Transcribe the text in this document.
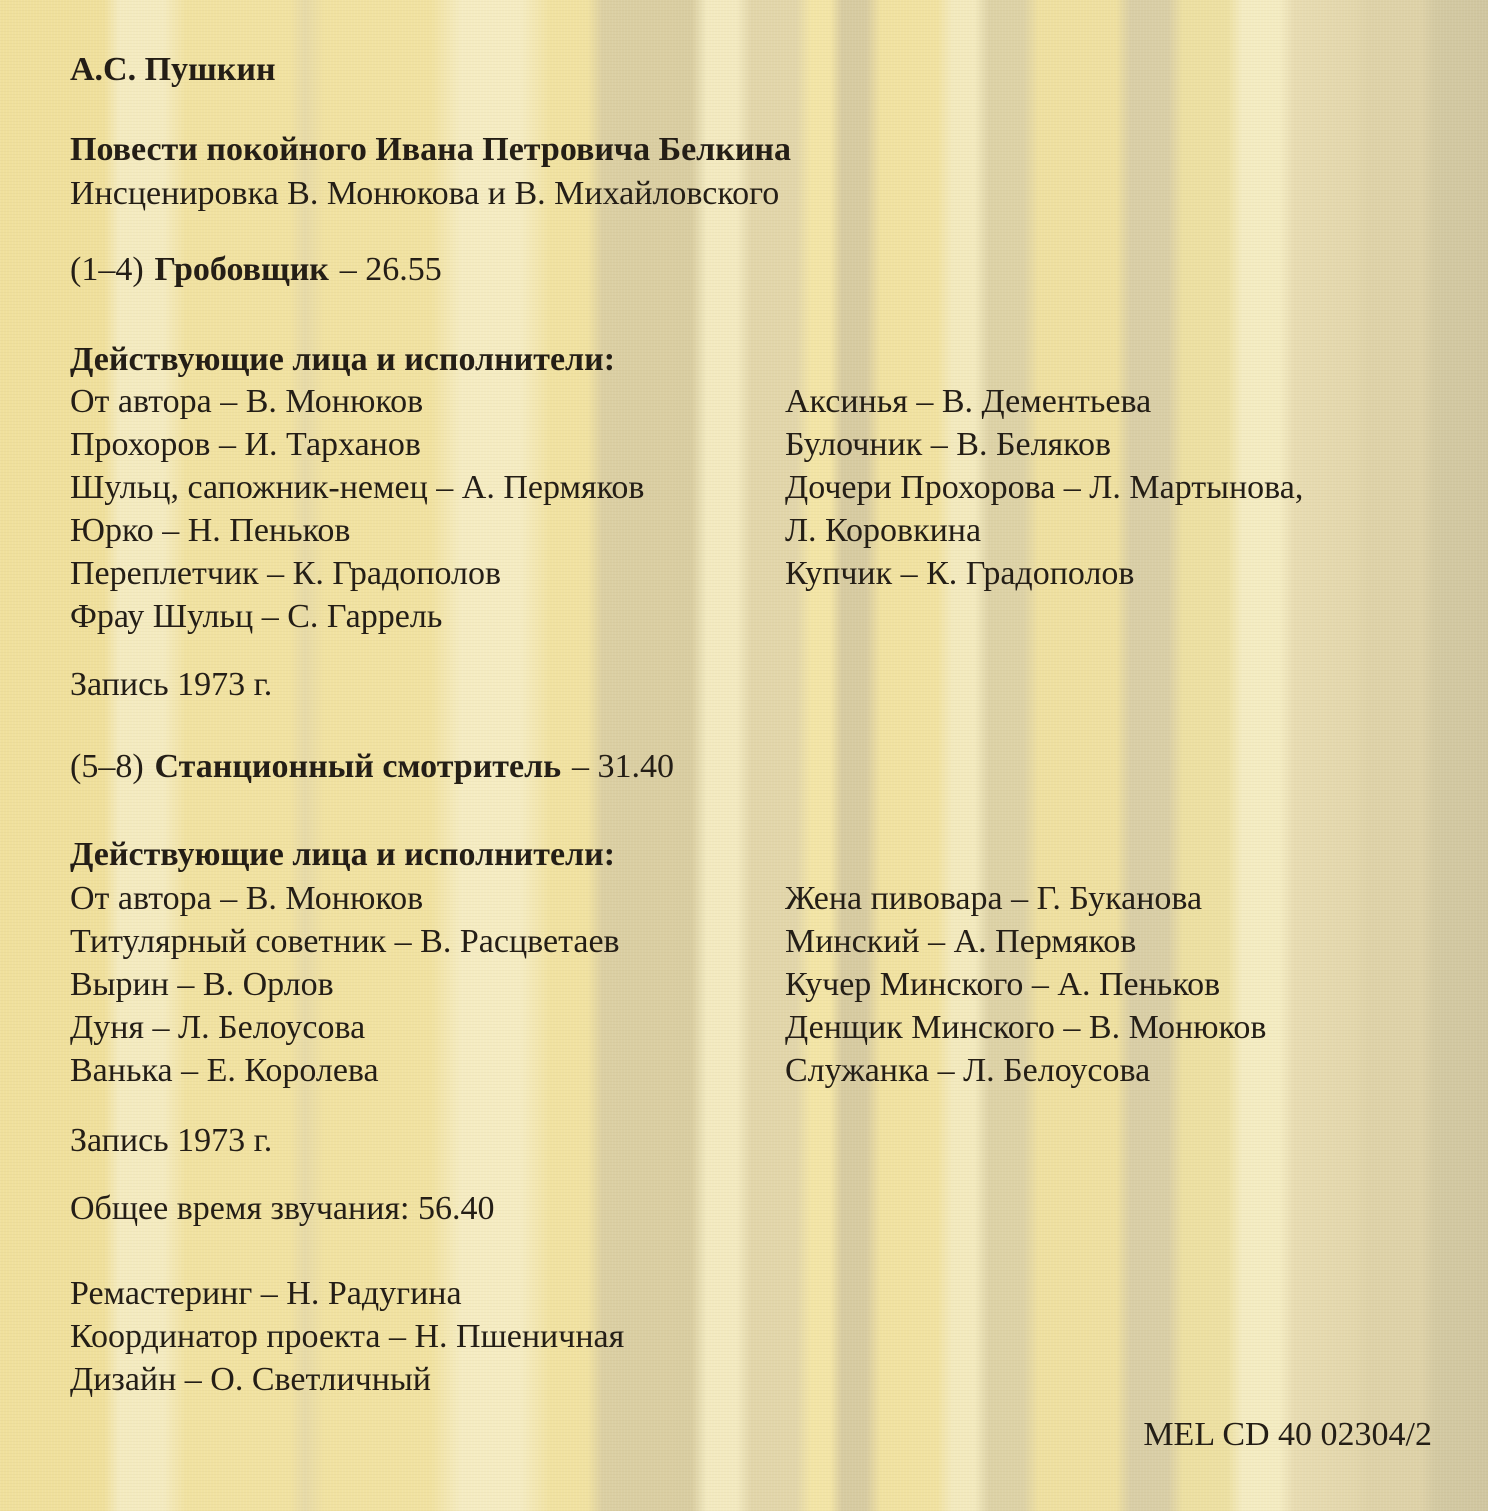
А.С. Пушкин
Повести покойного Ивана Петровича Белкина
Инсценировка В. Монюкова и В. Михайловского
(1–4) Гробовщик – 26.55
Действующие лица и исполнители:
От автора – В. Монюков
Прохоров – И. Тарханов
Шульц, сапожник-немец – А. Пермяков
Юрко – Н. Пеньков
Переплетчик – К. Градополов
Фрау Шульц – С. Гаррель
Аксинья – В. Дементьева
Булочник – В. Беляков
Дочери Прохорова – Л. Мартынова,
Л. Коровкина
Купчик – К. Градополов
Запись 1973 г.
(5–8) Станционный смотритель – 31.40
Действующие лица и исполнители:
От автора – В. Монюков
Титулярный советник – В. Расцветаев
Вырин – В. Орлов
Дуня – Л. Белоусова
Ванька – Е. Королева
Жена пивовара – Г. Буканова
Минский – А. Пермяков
Кучер Минского – А. Пеньков
Денщик Минского – В. Монюков
Служанка – Л. Белоусова
Запись 1973 г.
Общее время звучания: 56.40
Ремастеринг – Н. Радугина
Координатор проекта – Н. Пшеничная
Дизайн – О. Светличный
MEL CD 40 02304/2
